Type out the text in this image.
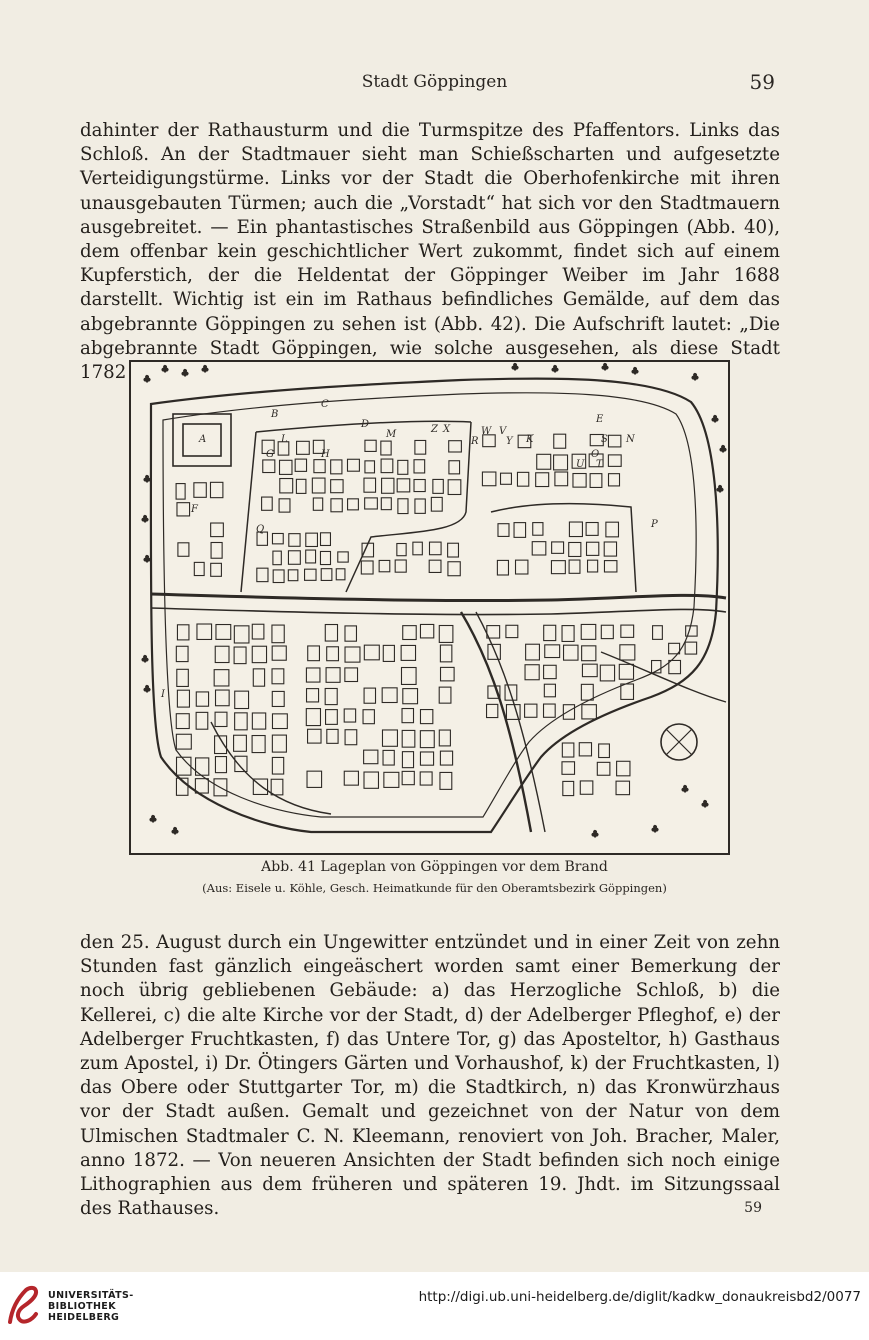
Stadt Göppingen	59
dahinter der Rathausturm und die Turmspitze des Pfaffentors. Links das Schloß. An der Stadtmauer sieht man Schießscharten und aufgesetzte Verteidigungstürme. Links vor der Stadt die Oberhofenkirche mit ihren unausgebauten Türmen; auch die „Vorstadt“ hat sich vor den Stadtmauern ausgebreitet. — Ein phantastisches Straßenbild aus Göppingen (Abb. 40), dem offenbar kein geschichtlicher Wert zukommt, findet sich auf einem Kupferstich, der die Heldentat der Göppinger Weiber im Jahr 1688 darstellt. Wichtig ist ein im Rathaus befindliches Gemälde, auf dem das abgebrannte Göppingen zu sehen ist (Abb. 42). Die Aufschrift lautet: „Die abgebrannte Stadt Göppingen, wie solche ausgesehen, als diese Stadt 1782	♣
♣ ♣ ♣	♣	♣	♣ ♣
♣
♣
♣
♣
♣
♣
♣
♣
♣
♣
♣
♣
♣
♣
♣
A
B
C
D	E
F
G	H
I
K
L	M	N
O
P
Q
R	S
T
U
V
W
X
Y
Z
Abb. 41 Lageplan von Göppingen vor dem Brand
(Aus: Eisele u. Köhle, Gesch. Heimatkunde für den Oberamtsbezirk Göppingen)
den 25. August durch ein Ungewitter entzündet und in einer Zeit von zehn Stunden fast gänzlich eingeäschert worden samt einer Bemerkung der noch übrig gebliebenen Gebäude: a) das Herzogliche Schloß, b) die Kellerei, c) die alte Kirche vor der Stadt, d) der Adelberger Pfleghof, e) der Adelberger Fruchtkasten, f) das Untere Tor, g) das Aposteltor, h) Gasthaus zum Apostel, i) Dr. Ötingers Gärten und Vorhaushof, k) der Fruchtkasten, l) das Obere oder Stuttgarter Tor, m) die Stadtkirch, n) das Kronwürzhaus vor der Stadt außen. Gemalt und gezeichnet von der Natur von dem Ulmischen Stadtmaler C. N. Kleemann, renoviert von Joh. Bracher, Maler, anno 1872. — Von neueren Ansichten der Stadt befinden sich noch einige Lithographien aus dem früheren und späteren 19. Jhdt. im Sitzungssaal des Rathauses.	59
UNIVERSITÄTS-
BIBLIOTHEK
HEIDELBERG
http://digi.ub.uni-heidelberg.de/diglit/kadkw_donaukreisbd2/0077
